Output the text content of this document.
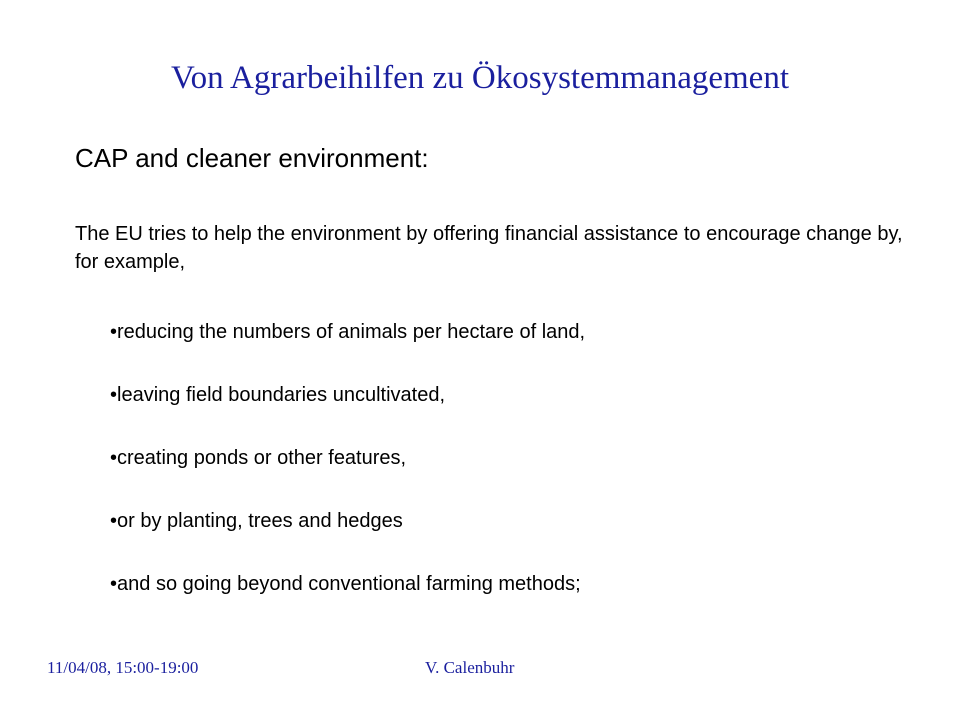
Von Agrarbeihilfen zu Ökosystemmanagement
CAP and cleaner environment:
The EU tries to help the environment by offering financial assistance to encourage change by, for example,
•reducing the numbers of animals per hectare of land,
•leaving field boundaries uncultivated,
•creating ponds or other features,
•or by planting, trees and hedges
•and so going beyond conventional farming methods;
11/04/08, 15:00-19:00	V. Calenbuhr
